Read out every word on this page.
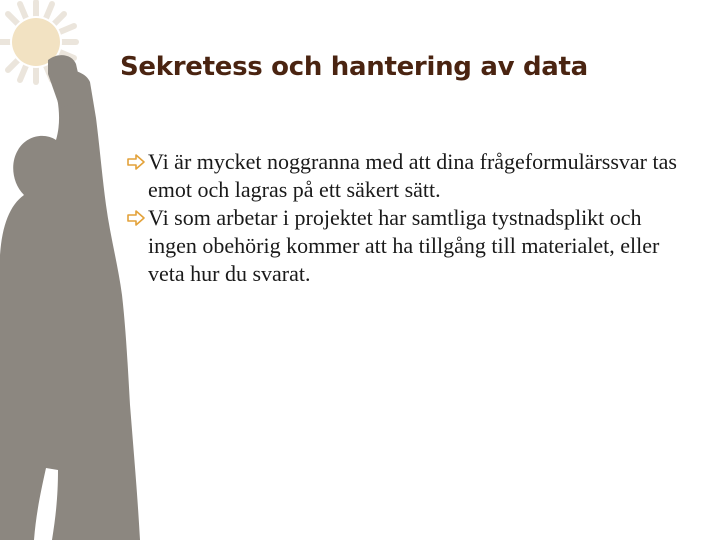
Sekretess och hantering av data
Vi är mycket noggranna med att dina frågeformulärssvar tas emot och lagras på ett säkert sätt.
Vi som arbetar i projektet har samtliga tystnadsplikt och ingen obehörig kommer att ha tillgång till materialet, eller veta hur du svarat.
